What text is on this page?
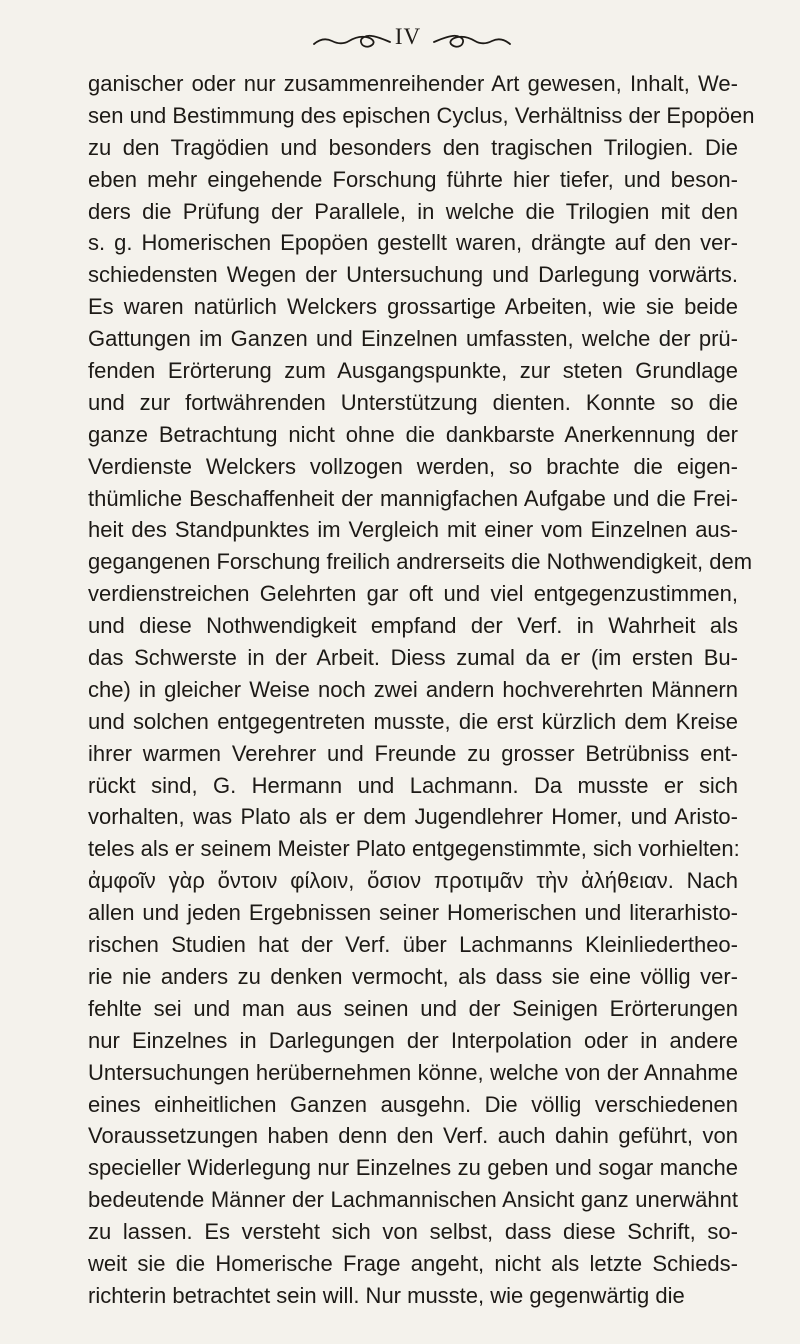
IV
ganischer oder nur zusammenreihender Art gewesen, Inhalt, We-
sen und Bestimmung des epischen Cyclus, Verhältniss der Epopöen
zu den Tragödien und besonders den tragischen Trilogien. Die
eben mehr eingehende Forschung führte hier tiefer, und beson-
ders die Prüfung der Parallele, in welche die Trilogien mit den
s. g. Homerischen Epopöen gestellt waren, drängte auf den ver-
schiedensten Wegen der Untersuchung und Darlegung vorwärts.
Es waren natürlich Welckers grossartige Arbeiten, wie sie beide
Gattungen im Ganzen und Einzelnen umfassten, welche der prü-
fenden Erörterung zum Ausgangspunkte, zur steten Grundlage
und zur fortwährenden Unterstützung dienten. Konnte so die
ganze Betrachtung nicht ohne die dankbarste Anerkennung der
Verdienste Welckers vollzogen werden, so brachte die eigen-
thümliche Beschaffenheit der mannigfachen Aufgabe und die Frei-
heit des Standpunktes im Vergleich mit einer vom Einzelnen aus-
gegangenen Forschung freilich andrerseits die Nothwendigkeit, dem
verdienstreichen Gelehrten gar oft und viel entgegenzustimmen,
und diese Nothwendigkeit empfand der Verf. in Wahrheit als
das Schwerste in der Arbeit. Diess zumal da er (im ersten Bu-
che) in gleicher Weise noch zwei andern hochverehrten Männern
und solchen entgegentreten musste, die erst kürzlich dem Kreise
ihrer warmen Verehrer und Freunde zu grosser Betrübniss ent-
rückt sind, G. Hermann und Lachmann. Da musste er sich
vorhalten, was Plato als er dem Jugendlehrer Homer, und Aristo-
teles als er seinem Meister Plato entgegenstimmte, sich vorhielten:
ἀμφοῖν γὰρ ὄντοιν φίλοιν, ὅσιον προτιμᾶν τὴν ἀλήθειαν. Nach
allen und jeden Ergebnissen seiner Homerischen und literarhisto-
rischen Studien hat der Verf. über Lachmanns Kleinliedertheo-
rie nie anders zu denken vermocht, als dass sie eine völlig ver-
fehlte sei und man aus seinen und der Seinigen Erörterungen
nur Einzelnes in Darlegungen der Interpolation oder in andere
Untersuchungen herübernehmen könne, welche von der Annahme
eines einheitlichen Ganzen ausgehn. Die völlig verschiedenen
Voraussetzungen haben denn den Verf. auch dahin geführt, von
specieller Widerlegung nur Einzelnes zu geben und sogar manche
bedeutende Männer der Lachmannischen Ansicht ganz unerwähnt
zu lassen. Es versteht sich von selbst, dass diese Schrift, so-
weit sie die Homerische Frage angeht, nicht als letzte Schieds-
richterin betrachtet sein will. Nur musste, wie gegenwärtig die
